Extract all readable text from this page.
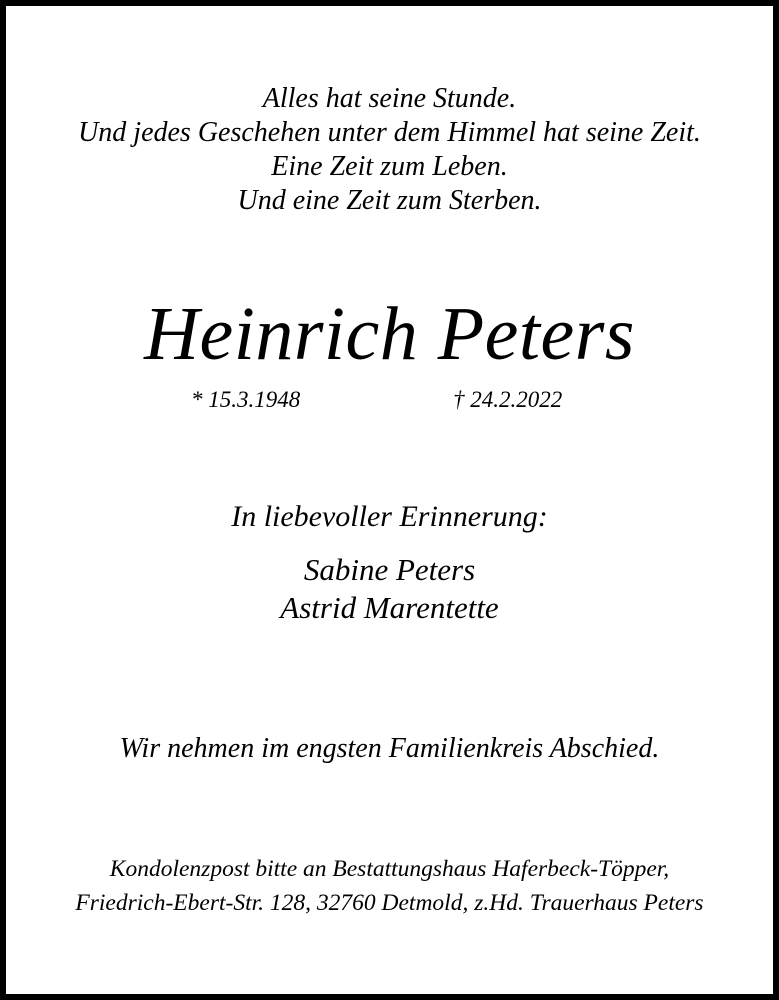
Alles hat seine Stunde.
Und jedes Geschehen unter dem Himmel hat seine Zeit.
Eine Zeit zum Leben.
Und eine Zeit zum Sterben.
Heinrich Peters
* 15.3.1948	† 24.2.2022
In liebevoller Erinnerung:
Sabine Peters
Astrid Marentette
Wir nehmen im engsten Familienkreis Abschied.
Kondolenzpost bitte an Bestattungshaus Haferbeck-Töpper,
Friedrich-Ebert-Str. 128, 32760 Detmold, z.Hd. Trauerhaus Peters
